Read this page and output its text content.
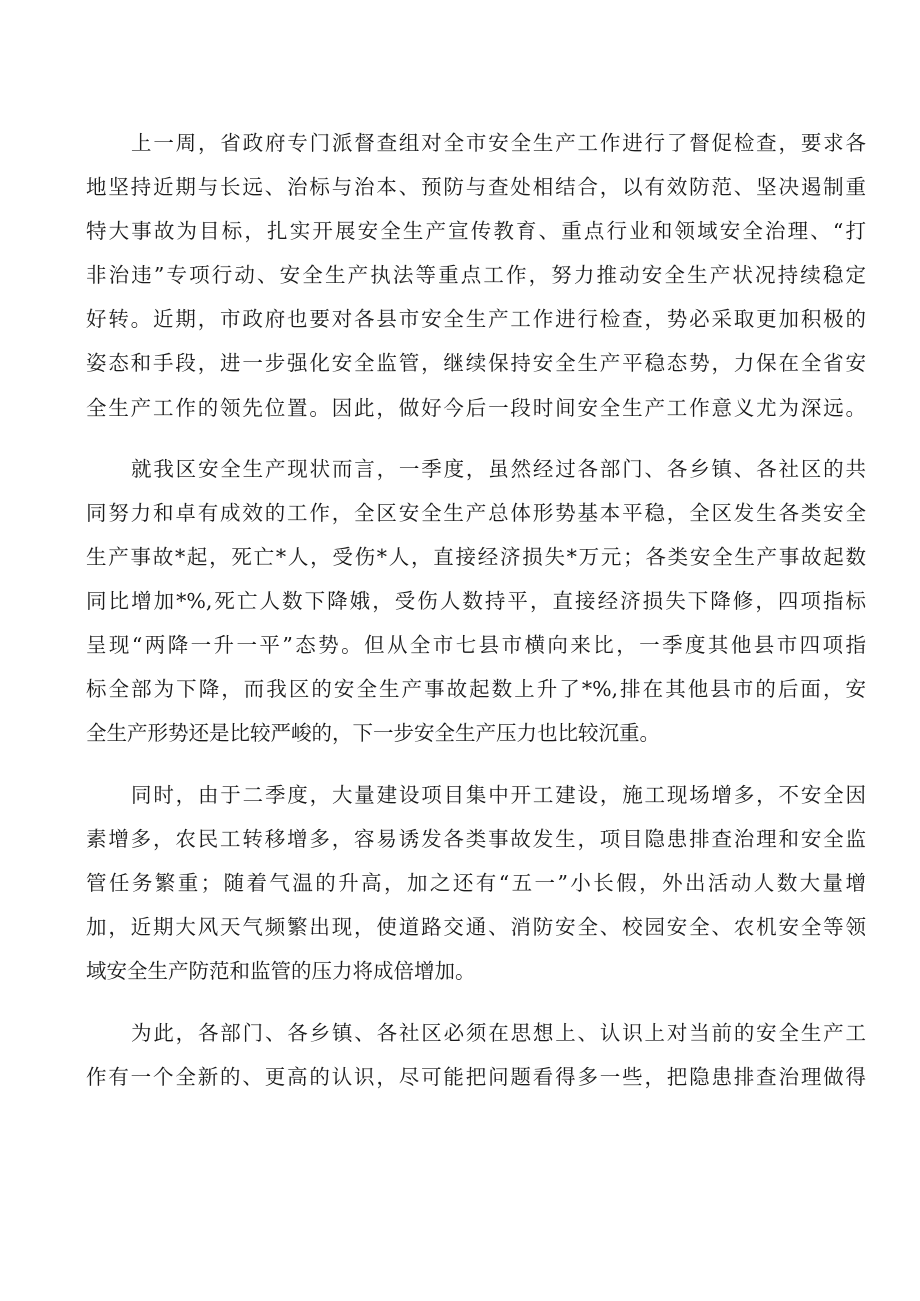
上一周，省政府专门派督查组对全市安全生产工作进行了督促检查，要求各

地坚持近期与长远、治标与治本、预防与查处相结合，以有效防范、坚决遏制重

特大事故为目标，扎实开展安全生产宣传教育、重点行业和领域安全治理、“打

非治违”专项行动、安全生产执法等重点工作，努力推动安全生产状况持续稳定

好转。近期，市政府也要对各县市安全生产工作进行检查，势必采取更加积极的

姿态和手段，进一步强化安全监管，继续保持安全生产平稳态势，力保在全省安

全生产工作的领先位置。因此，做好今后一段时间安全生产工作意义尤为深远。

就我区安全生产现状而言，一季度，虽然经过各部门、各乡镇、各社区的共

同努力和卓有成效的工作，全区安全生产总体形势基本平稳，全区发生各类安全

生产事故*起，死亡*人，受伤*人，直接经济损失*万元；各类安全生产事故起数

同比增加*%,死亡人数下降娥，受伤人数持平，直接经济损失下降修，四项指标

呈现“两降一升一平”态势。但从全市七县市横向来比，一季度其他县市四项指

标全部为下降，而我区的安全生产事故起数上升了*%,排在其他县市的后面，安

全生产形势还是比较严峻的，下一步安全生产压力也比较沉重。

同时，由于二季度，大量建设项目集中开工建设，施工现场增多，不安全因

素增多，农民工转移增多，容易诱发各类事故发生，项目隐患排查治理和安全监

管任务繁重；随着气温的升高，加之还有“五一”小长假，外出活动人数大量增

加，近期大风天气频繁出现，使道路交通、消防安全、校园安全、农机安全等领

域安全生产防范和监管的压力将成倍增加。

为此，各部门、各乡镇、各社区必须在思想上、认识上对当前的安全生产工

作有一个全新的、更高的认识，尽可能把问题看得多一些，把隐患排查治理做得
